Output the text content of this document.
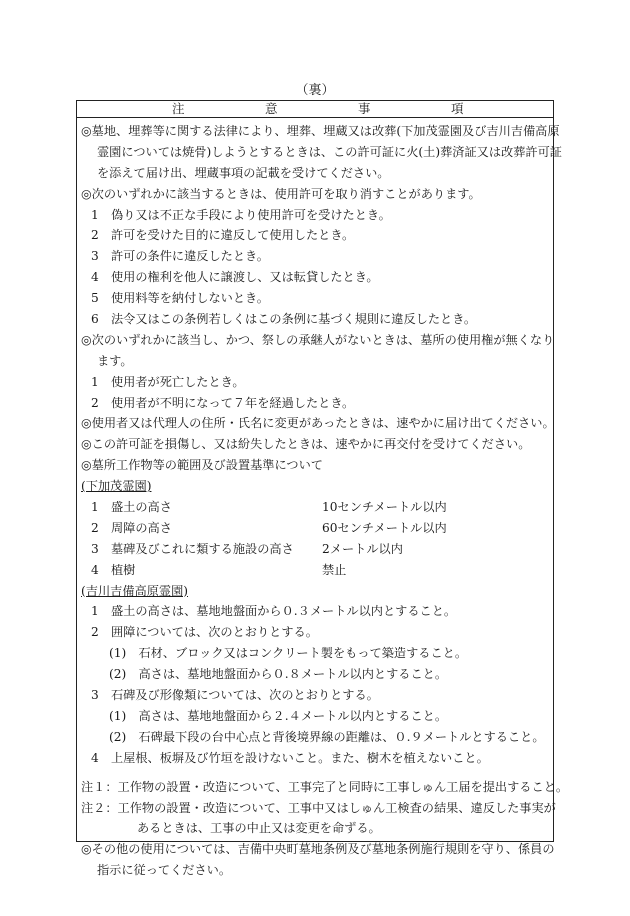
（裏）
注	意	事	項
◎墓地、埋葬等に関する法律により、埋葬、埋蔵又は改葬(下加茂霊園及び吉川吉備高原
霊園については焼骨)しようとするときは、この許可証に火(土)葬済証又は改葬許可証
を添えて届け出、埋蔵事項の記載を受けてください。
◎次のいずれかに該当するときは、使用許可を取り消すことがあります。
1　偽り又は不正な手段により使用許可を受けたとき。
2　許可を受けた目的に違反して使用したとき。
3　許可の条件に違反したとき。
4　使用の権利を他人に譲渡し、又は転貸したとき。
5　使用料等を納付しないとき。
6　法令又はこの条例若しくはこの条例に基づく規則に違反したとき。
◎次のいずれかに該当し、かつ、祭しの承継人がないときは、墓所の使用権が無くなり
ます。
1　使用者が死亡したとき。
2　使用者が不明になって７年を経過したとき。
◎使用者又は代理人の住所・氏名に変更があったときは、速やかに届け出てください。
◎この許可証を損傷し、又は紛失したときは、速やかに再交付を受けてください。
◎墓所工作物等の範囲及び設置基準について
(下加茂霊園)
1　盛土の高さ	10センチメートル以内
2　周障の高さ	60センチメートル以内
3　墓碑及びこれに類する施設の高さ 2メートル以内
4　植樹	禁止
(吉川吉備高原霊園)
1　盛土の高さは、墓地地盤面から０.３メートル以内とすること。
2　囲障については、次のとおりとする。
(1)　石材、ブロック又はコンクリート製をもって築造すること。
(2)　高さは、墓地地盤面から０.８メートル以内とすること。
3　石碑及び形像類については、次のとおりとする。
(1)　高さは、墓地地盤面から２.４メートル以内とすること。
(2)　石碑最下段の台中心点と背後境界線の距離は、０.９メートルとすること。
4　上屋根、板塀及び竹垣を設けないこと。また、樹木を植えないこと。
注１：工作物の設置・改造について、工事完了と同時に工事しゅん工届を提出すること。
注２：工作物の設置・改造について、工事中又はしゅん工検査の結果、違反した事実が
あるときは、工事の中止又は変更を命ずる。
◎その他の使用については、吉備中央町墓地条例及び墓地条例施行規則を守り、係員の
指示に従ってください。
